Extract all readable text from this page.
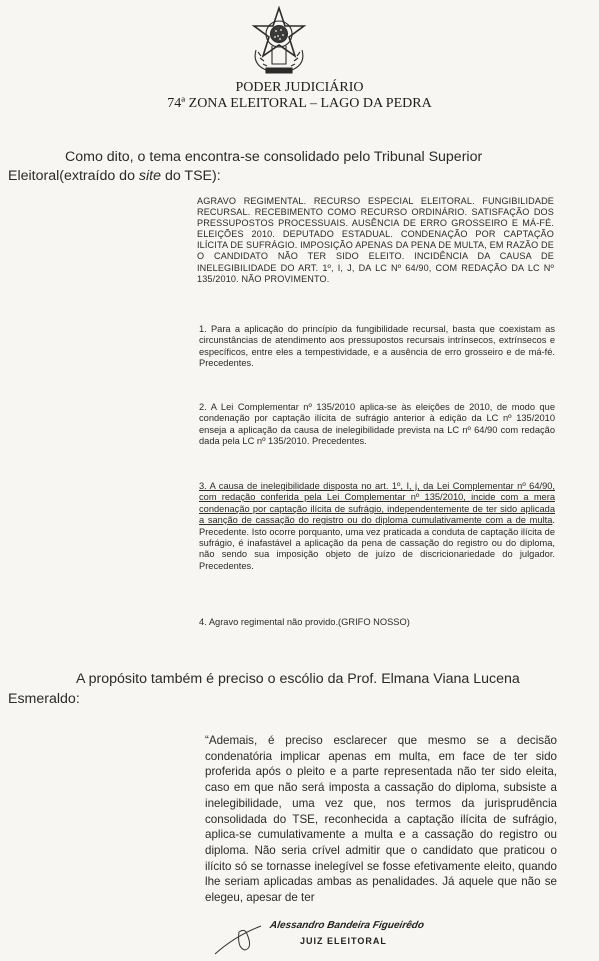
PODER JUDICIÁRIO
74ª ZONA ELEITORAL – LAGO DA PEDRA
Como dito, o tema encontra-se consolidado pelo Tribunal Superior
Eleitoral(extraído do site do TSE):
AGRAVO REGIMENTAL. RECURSO ESPECIAL ELEITORAL. FUNGIBILIDADE RECURSAL. RECEBIMENTO COMO RECURSO ORDINÁRIO. SATISFAÇÃO DOS PRESSUPOSTOS PROCESSUAIS. AUSÊNCIA DE ERRO GROSSEIRO E MÁ-FÉ. ELEIÇÕES 2010. DEPUTADO ESTADUAL. CONDENAÇÃO POR CAPTAÇÃO ILÍCITA DE SUFRÁGIO. IMPOSIÇÃO APENAS DA PENA DE MULTA, EM RAZÃO DE O CANDIDATO NÃO TER SIDO ELEITO. INCIDÊNCIA DA CAUSA DE INELEGIBILIDADE DO ART. 1º, I, J, DA LC Nº 64/90, COM REDAÇÃO DA LC Nº 135/2010. NÃO PROVIMENTO.
1. Para a aplicação do princípio da fungibilidade recursal, basta que coexistam as circunstâncias de atendimento aos pressupostos recursais intrínsecos, extrínsecos e específicos, entre eles a tempestividade, e a ausência de erro grosseiro e de má-fé. Precedentes.
2. A Lei Complementar nº 135/2010 aplica-se às eleições de 2010, de modo que condenação por captação ilícita de sufrágio anterior à edição da LC nº 135/2010 enseja a aplicação da causa de inelegibilidade prevista na LC nº 64/90 com redação dada pela LC nº 135/2010. Precedentes.
3. A causa de inelegibilidade disposta no art. 1º, I, j, da Lei Complementar nº 64/90, com redação conferida pela Lei Complementar nº 135/2010, incide com a mera condenação por captação ilícita de sufrágio, independentemente de ter sido aplicada a sanção de cassação do registro ou do diploma cumulativamente com a de multa. Precedente. Isto ocorre porquanto, uma vez praticada a conduta de captação ilícita de sufrágio, é inafastável a aplicação da pena de cassação do registro ou do diploma, não sendo sua imposição objeto de juízo de discricionariedade do julgador. Precedentes.
4. Agravo regimental não provido.(GRIFO NOSSO)
A propósito também é preciso o escólio da Prof. Elmana Viana Lucena
Esmeraldo:
“Ademais, é preciso esclarecer que mesmo se a decisão condenatória implicar apenas em multa, em face de ter sido proferida após o pleito e a parte representada não ter sido eleita, caso em que não será imposta a cassação do diploma, subsiste a inelegibilidade, uma vez que, nos termos da jurisprudência consolidada do TSE, reconhecida a captação ilícita de sufrágio, aplica-se cumulativamente a multa e a cassação do registro ou diploma. Não seria crível admitir que o candidato que praticou o ilícito só se tornasse inelegível se fosse efetivamente eleito, quando lhe seriam aplicadas ambas as penalidades. Já aquele que não se elegeu, apesar de ter
Alessandro Bandeira Figueirêdo
JUIZ ELEITORAL
